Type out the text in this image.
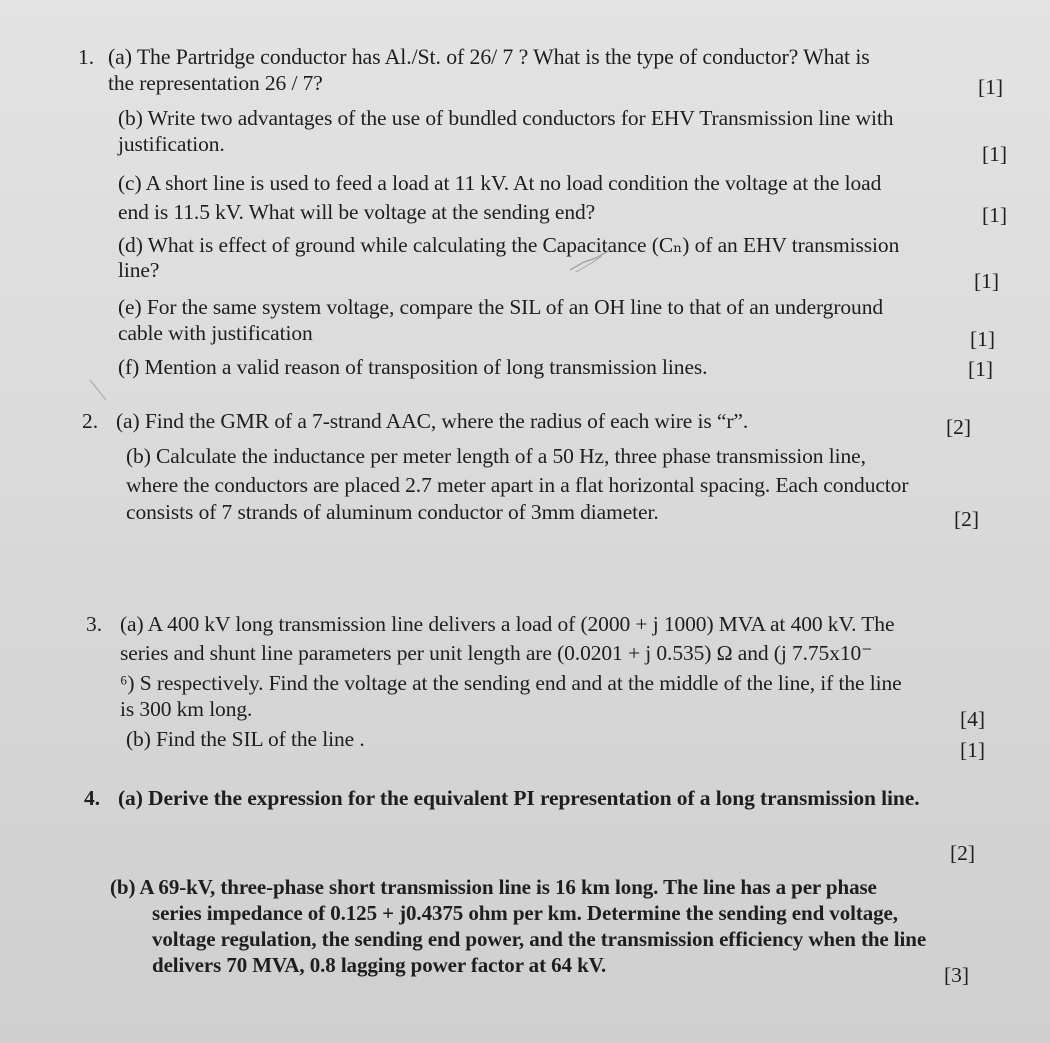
1. (a) The Partridge conductor has Al./St. of 26/ 7 ? What is the type of conductor? What is
the representation 26 / 7?	[1]
(b) Write two advantages of the use of bundled conductors for EHV Transmission line with
justification.	[1]
(c) A short line is used to feed a load at 11 kV. At no load condition the voltage at the load
end is 11.5 kV. What will be voltage at the sending end?	[1]
(d) What is effect of ground while calculating the Capacitance (Cₙ) of an EHV transmission
line?	[1]
(e) For the same system voltage, compare the SIL of an OH line to that of an underground
cable with justification	[1]
(f) Mention a valid reason of transposition of long transmission lines.	[1]
2. (a) Find the GMR of a 7-strand AAC, where the radius of each wire is “r”.	[2]
(b) Calculate the inductance per meter length of a 50 Hz, three phase transmission line,
where the conductors are placed 2.7 meter apart in a flat horizontal spacing. Each conductor
consists of 7 strands of aluminum conductor of 3mm diameter.	[2]
3. (a) A 400 kV long transmission line delivers a load of (2000 + j 1000) MVA at 400 kV. The
series and shunt line parameters per unit length are (0.0201 + j 0.535) Ω and (j 7.75x10⁻
⁶) S respectively. Find the voltage at the sending end and at the middle of the line, if the line
is 300 km long.	[4]
(b) Find the SIL of the line .	[1]
4. (a) Derive the expression for the equivalent PI representation of a long transmission line.
[2]
(b) A 69-kV, three-phase short transmission line is 16 km long. The line has a per phase
series impedance of 0.125 + j0.4375 ohm per km. Determine the sending end voltage,
voltage regulation, the sending end power, and the transmission efficiency when the line
delivers 70 MVA, 0.8 lagging power factor at 64 kV.	[3]
